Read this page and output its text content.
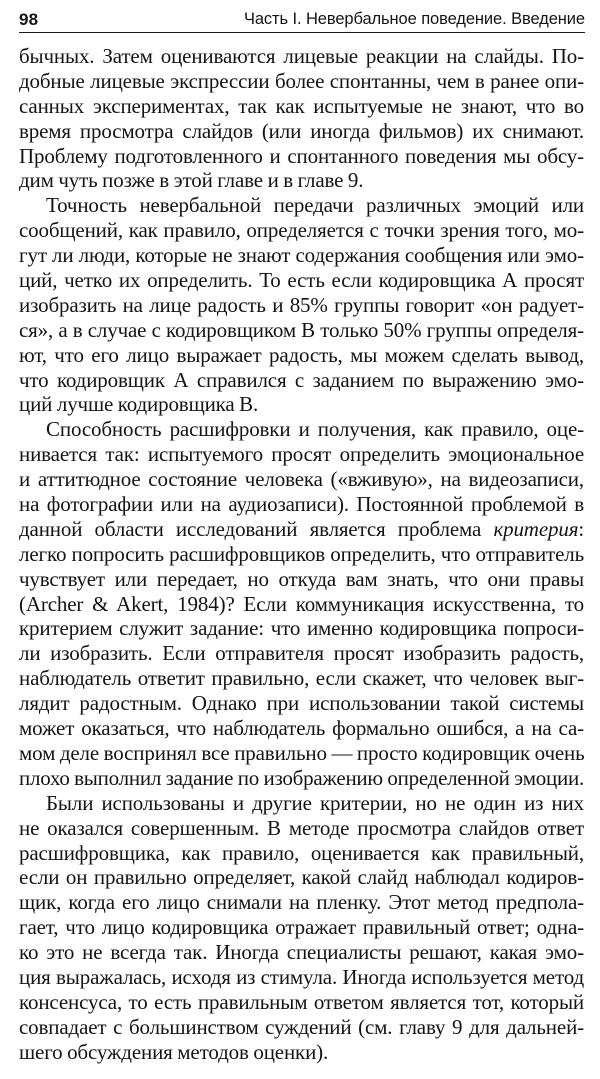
98	Часть I. Невербальное поведение. Введение
бычных. Затем оцениваются лицевые реакции на слайды. По-
добные лицевые экспрессии более спонтанны, чем в ранее опи-
санных экспериментах, так как испытуемые не знают, что во
время просмотра слайдов (или иногда фильмов) их снимают.
Проблему подготовленного и спонтанного поведения мы обсу-
дим чуть позже в этой главе и в главе 9.
Точность невербальной передачи различных эмоций или
сообщений, как правило, определяется с точки зрения того, мо-
гут ли люди, которые не знают содержания сообщения или эмо-
ций, четко их определить. То есть если кодировщика А просят
изобразить на лице радость и 85% группы говорит «он радует-
ся», а в случае с кодировщиком В только 50% группы определя-
ют, что его лицо выражает радость, мы можем сделать вывод,
что кодировщик А справился с заданием по выражению эмо-
ций лучше кодировщика В.
Способность расшифровки и получения, как правило, оце-
нивается так: испытуемого просят определить эмоциональное
и аттитюдное состояние человека («вживую», на видеозаписи,
на фотографии или на аудиозаписи). Постоянной проблемой в
данной области исследований является проблема критерия:
легко попросить расшифровщиков определить, что отправитель
чувствует или передает, но откуда вам знать, что они правы
(Archer & Akert, 1984)? Если коммуникация искусственна, то
критерием служит задание: что именно кодировщика попроси-
ли изобразить. Если отправителя просят изобразить радость,
наблюдатель ответит правильно, если скажет, что человек выг-
лядит радостным. Однако при использовании такой системы
может оказаться, что наблюдатель формально ошибся, а на са-
мом деле воспринял все правильно — просто кодировщик очень
плохо выполнил задание по изображению определенной эмоции.
Были использованы и другие критерии, но не один из них
не оказался совершенным. В методе просмотра слайдов ответ
расшифровщика, как правило, оценивается как правильный,
если он правильно определяет, какой слайд наблюдал кодиров-
щик, когда его лицо снимали на пленку. Этот метод предпола-
гает, что лицо кодировщика отражает правильный ответ; одна-
ко это не всегда так. Иногда специалисты решают, какая эмо-
ция выражалась, исходя из стимула. Иногда используется метод
консенсуса, то есть правильным ответом является тот, который
совпадает с большинством суждений (см. главу 9 для дальней-
шего обсуждения методов оценки).
